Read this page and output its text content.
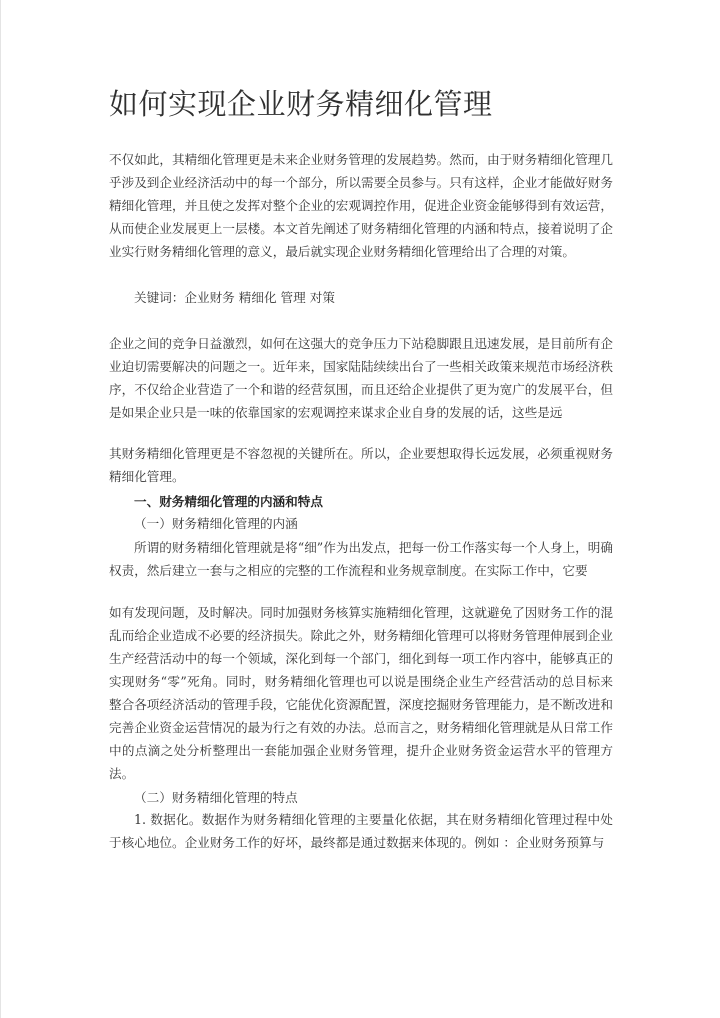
如何实现企业财务精细化管理

不仅如此，其精细化管理更是未来企业财务管理的发展趋势。然而，由于财务精细化管理几乎涉及到企业经济活动中的每一个部分，所以需要全员参与。只有这样，企业才能做好财务精细化管理，并且使之发挥对整个企业的宏观调控作用，促进企业资金能够得到有效运营，从而使企业发展更上一层楼。本文首先阐述了财务精细化管理的内涵和特点，接着说明了企业实行财务精细化管理的意义，最后就实现企业财务精细化管理给出了合理的对策。

关键词：企业财务 精细化 管理 对策

企业之间的竞争日益激烈，如何在这强大的竞争压力下站稳脚跟且迅速发展，是目前所有企业迫切需要解决的问题之一。近年来，国家陆陆续续出台了一些相关政策来规范市场经济秩序，不仅给企业营造了一个和谐的经营氛围，而且还给企业提供了更为宽广的发展平台，但是如果企业只是一味的依靠国家的宏观调控来谋求企业自身的发展的话，这些是远

其财务精细化管理更是不容忽视的关键所在。所以，企业要想取得长远发展，必须重视财务精细化管理。

一、财务精细化管理的内涵和特点
（一）财务精细化管理的内涵

所谓的财务精细化管理就是将“细”作为出发点，把每一份工作落实每一个人身上，明确权责，然后建立一套与之相应的完整的工作流程和业务规章制度。在实际工作中，它要

如有发现问题，及时解决。同时加强财务核算实施精细化管理，这就避免了因财务工作的混乱而给企业造成不必要的经济损失。除此之外，财务精细化管理可以将财务管理伸展到企业生产经营活动中的每一个领域，深化到每一个部门，细化到每一项工作内容中，能够真正的实现财务“零”死角。同时，财务精细化管理也可以说是围绕企业生产经营活动的总目标来整合各项经济活动的管理手段，它能优化资源配置，深度挖掘财务管理能力，是不断改进和完善企业资金运营情况的最为行之有效的办法。总而言之，财务精细化管理就是从日常工作中的点滴之处分析整理出一套能加强企业财务管理，提升企业财务资金运营水平的管理方法。

（二）财务精细化管理的特点

1. 数据化。数据作为财务精细化管理的主要量化依据，其在财务精细化管理过程中处于核心地位。企业财务工作的好坏，最终都是通过数据来体现的。例如 ：企业财务预算与
